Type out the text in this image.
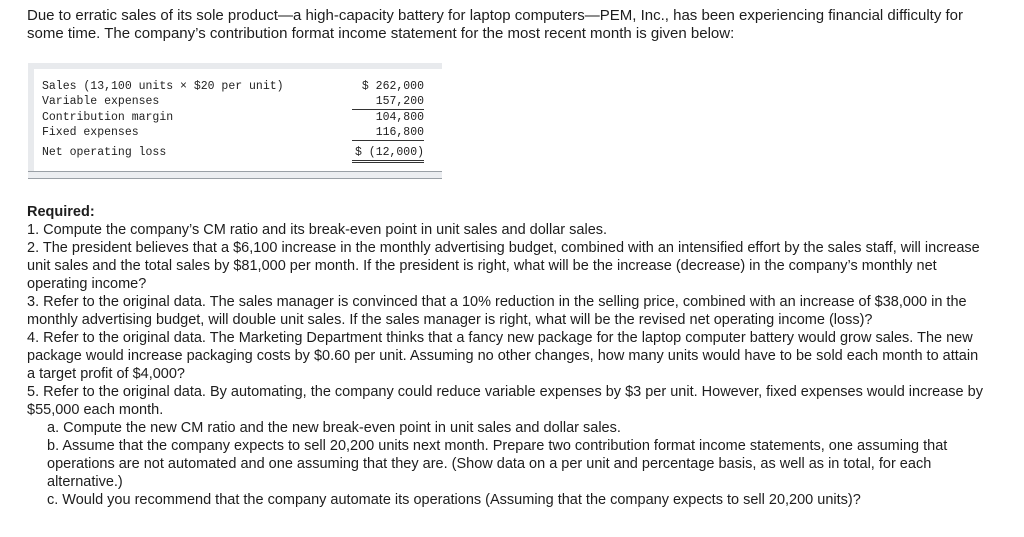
Due to erratic sales of its sole product—a high-capacity battery for laptop computers—PEM, Inc., has been experiencing financial difficulty for some time. The company’s contribution format income statement for the most recent month is given below:

Sales (13,100 units × $20 per unit)	$ 262,000
Variable expenses	157,200
Contribution margin	104,800
Fixed expenses	116,800
Net operating loss	$ (12,000)

Required:

1. Compute the company’s CM ratio and its break-even point in unit sales and dollar sales.

2. The president believes that a $6,100 increase in the monthly advertising budget, combined with an intensified effort by the sales staff, will increase unit sales and the total sales by $81,000 per month. If the president is right, what will be the increase (decrease) in the company’s monthly net operating income?

3. Refer to the original data. The sales manager is convinced that a 10% reduction in the selling price, combined with an increase of $38,000 in the monthly advertising budget, will double unit sales. If the sales manager is right, what will be the revised net operating income (loss)?

4. Refer to the original data. The Marketing Department thinks that a fancy new package for the laptop computer battery would grow sales. The new package would increase packaging costs by $0.60 per unit. Assuming no other changes, how many units would have to be sold each month to attain a target profit of $4,000?

5. Refer to the original data. By automating, the company could reduce variable expenses by $3 per unit. However, fixed expenses would increase by $55,000 each month.

a. Compute the new CM ratio and the new break-even point in unit sales and dollar sales.

b. Assume that the company expects to sell 20,200 units next month. Prepare two contribution format income statements, one assuming that operations are not automated and one assuming that they are. (Show data on a per unit and percentage basis, as well as in total, for each alternative.)

c. Would you recommend that the company automate its operations (Assuming that the company expects to sell 20,200 units)?
